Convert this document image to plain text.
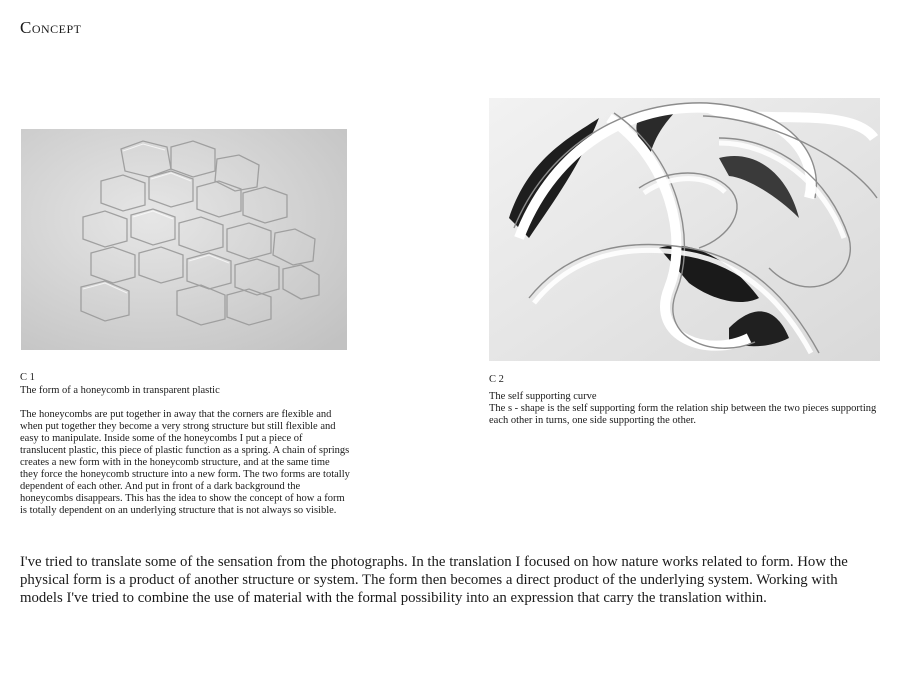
Concept
C 1
The form of a honeycomb in transparent plastic
The honeycombs are put together in away that the corners are flexible and when put together they become a very strong structure but still flexible and easy to manipulate. Inside some of the honeycombs I put a piece of translucent plastic, this piece of plastic function as a spring. A chain of springs creates a new form with in the honeycomb structure, and at the same time they force the honeycomb structure into a new form. The two forms are totally dependent of each other. And put in front of a dark background the honeycombs disappears. This has the idea to show the concept of how a form is totally dependent on an underlying structure that is not always so visible.
C 2
The self supporting curve
The s - shape is the self supporting form the relation ship between the two pieces supporting each other in turns, one side supporting the other.
I've tried to translate some of the sensation from the photographs. In the translation I focused on how nature works related to form. How the physical form is a product of another structure or system. The form then becomes a direct product of the underlying system. Working with models I've tried to combine the use of material with the formal possibility into an expression that carry the translation within.
